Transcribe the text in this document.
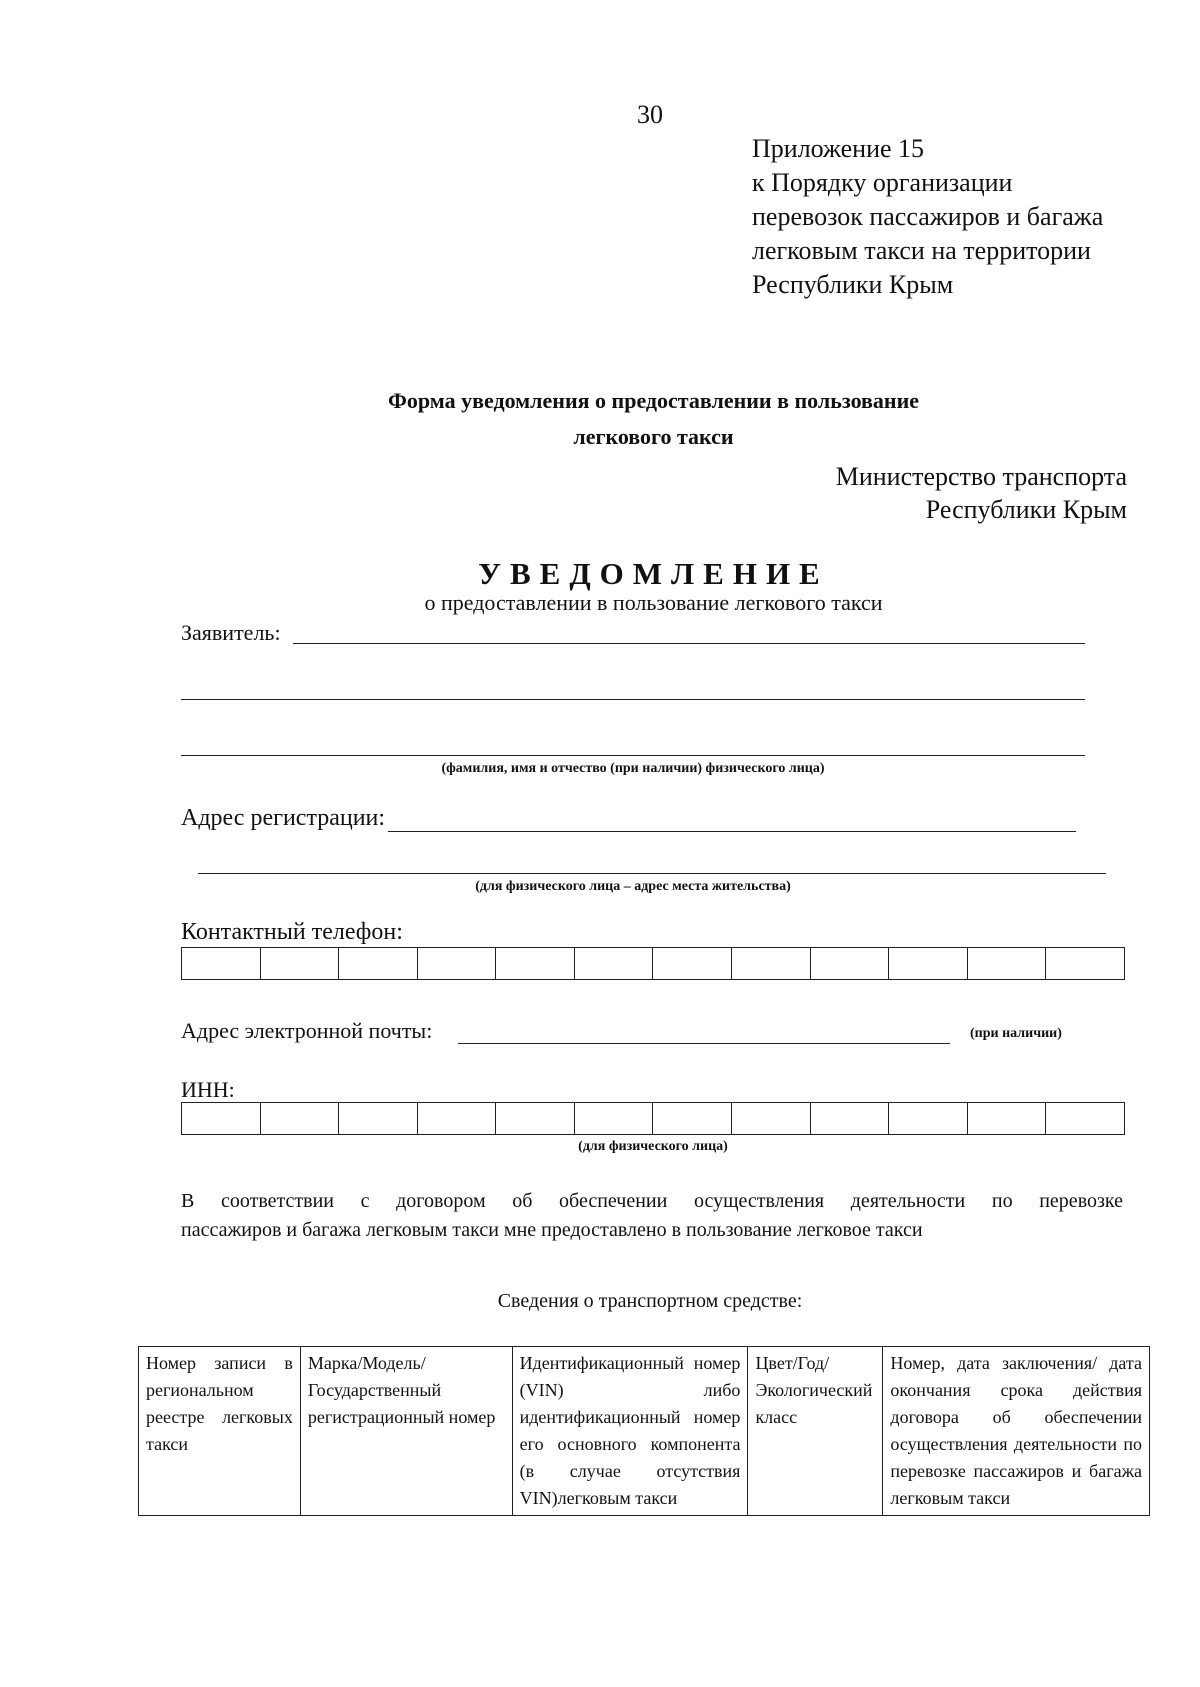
30
Приложение 15
к Порядку организации
перевозок пассажиров и багажа
легковым такси на территории
Республики Крым
Форма уведомления о предоставлении в пользование
легкового такси
Министерство транспорта
Республики Крым
УВЕДОМЛЕНИЕ
о предоставлении в пользование легкового такси
Заявитель:
(фамилия, имя и отчество (при наличии) физического лица)
Адрес регистрации:
(для физического лица – адрес места жительства)
Контактный телефон:
Адрес электронной почты:	(при наличии)
ИНН:
(для физического лица)
В соответствии с договором об обеспечении осуществления деятельности по перевозке
пассажиров и багажа легковым такси мне предоставлено в пользование легковое такси
Сведения о транспортном средстве:
Номер записи в региональном реестре легковых такси	Марка/Модель/ Государственный регистрационный номер	Идентификационный номер (VIN) либо идентификационный номер его основного компонента (в случае отсутствия VIN)легковым такси	Цвет/Год/ Экологический класс	Номер, дата заключения/ дата окончания срока действия договора об обеспечении осуществления деятельности по перевозке пассажиров и багажа легковым такси
